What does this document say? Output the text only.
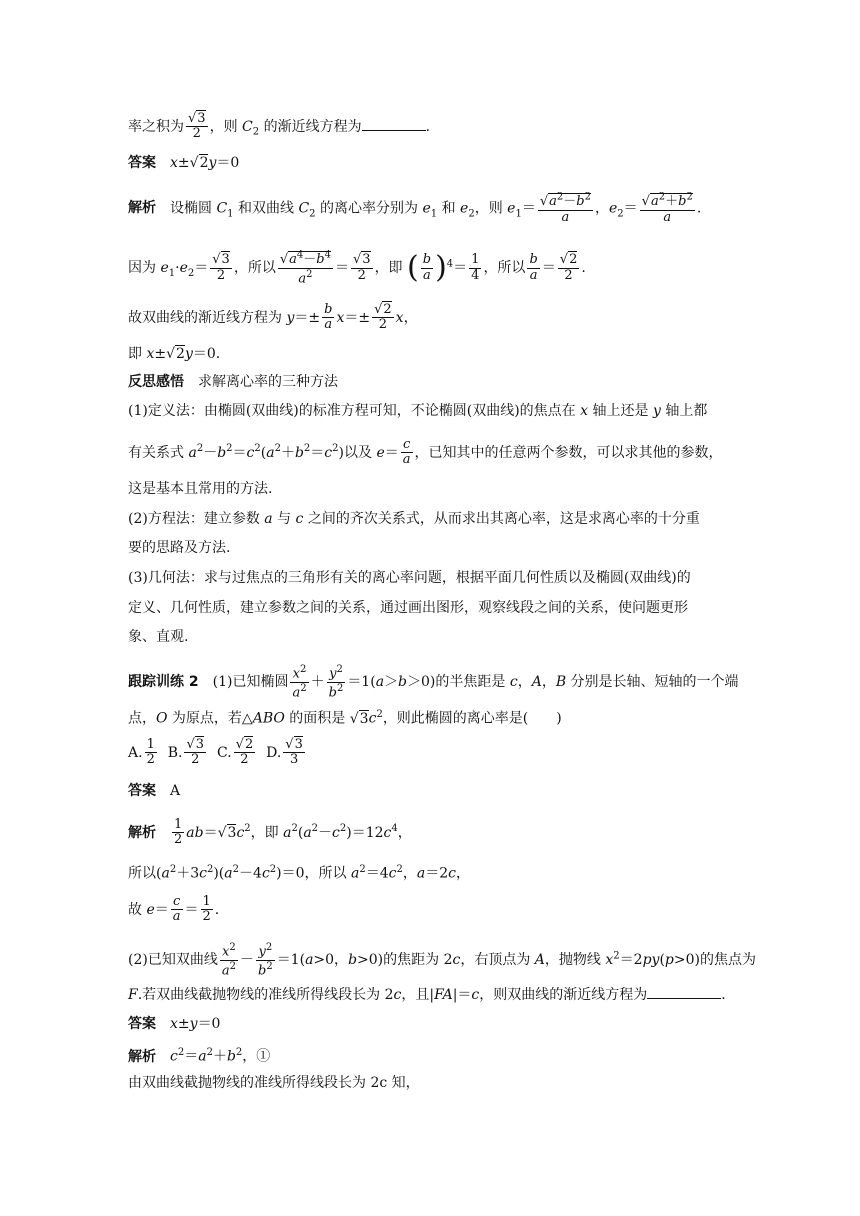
率之积为
√ $\frac{3}{2}$ ，则 $C_2$ 的渐近线方程为	.
答案 x±√ 2y＝0
解析 设椭圆 $C_1$ 和双曲线 $C_2$ 的离心率分别为 $e_1$ 和 $e_2$，则 $e_1=$
√ $\frac{a^2-b^2}{a}$ ，$e_2=$
√ $\frac{a^2+b^2}{a}$ .
因为 $e_1\cdot e_2=$
√ $\frac{3}{2}$ ，所以
√ $\frac{a^4-b^4}{a^2}$ ＝
√ $\frac{3}{2}$ ，即 ( $\frac{b}{a} )^4= \frac{1}{4}$ ，所以 $\frac{b}{a}$ ＝
√ $\frac{2}{2}$ .
故双曲线的渐近线方程为 $y=\pm \frac{b}{a} x=\pm$
√ $\frac{2}{2}$ x，
即 x±√ 2y＝0.
反思感悟 求解离心率的三种方法
(1)定义法：由椭圆(双曲线)的标准方程可知，不论椭圆(双曲线)的焦点在 x 轴上还是 y 轴上都
有关系式 $a^2-b^2=c^2(a^2+b^2=c^2)$以及 $e= \frac{c}{a}$ ，已知其中的任意两个参数，可以求其他的参数，
这是基本且常用的方法.
(2)方程法：建立参数 a 与 c 之间的齐次关系式，从而求出其离心率，这是求离心率的十分重
要的思路及方法.
(3)几何法：求与过焦点的三角形有关的离心率问题，根据平面几何性质以及椭圆(双曲线)的
定义、几何性质，建立参数之间的关系，通过画出图形，观察线段之间的关系，使问题更形
象、直观.
跟踪训练 2 (1)已知椭圆 $\frac{x^2}{a^2} + \frac{y^2}{b^2} =1(a>b>0)$的半焦距是 c，A，B 分别是长轴、短轴的一个端
点，O 为原点，若△ABO 的面积是 √ $3c^2$，则此椭圆的离心率是(　　)
A. $\frac{1}{2} B$.
√ $\frac{3}{2} C$.
√ $\frac{2}{2} D$.
√ $\frac{3}{3}$
答案 A
解析 $\frac{1}{2} ab=√$ $3c^2$，即 $a^2(a^2-c^2)=12c^4$，
所以$(a^2+3c^2)(a^2-4c^2)=0$，所以 $a^2=4c^2$，a＝2c，
故 $e= \frac{c}{a} = \frac{1}{2}$ .
(2)已知双曲线 $\frac{x^2}{a^2} - \frac{y^2}{b^2} =1(a>0$，b>0)的焦距为 2c，右顶点为 A，抛物线 $x^2=2py(p>0)$的焦点为
F.若双曲线截抛物线的准线所得线段长为 2c，且|FA|＝c，则双曲线的渐近线方程为	.
答案 x±y＝0
解析 $c^2=a^2+b^2$，①
由双曲线截抛物线的准线所得线段长为 2c 知，
